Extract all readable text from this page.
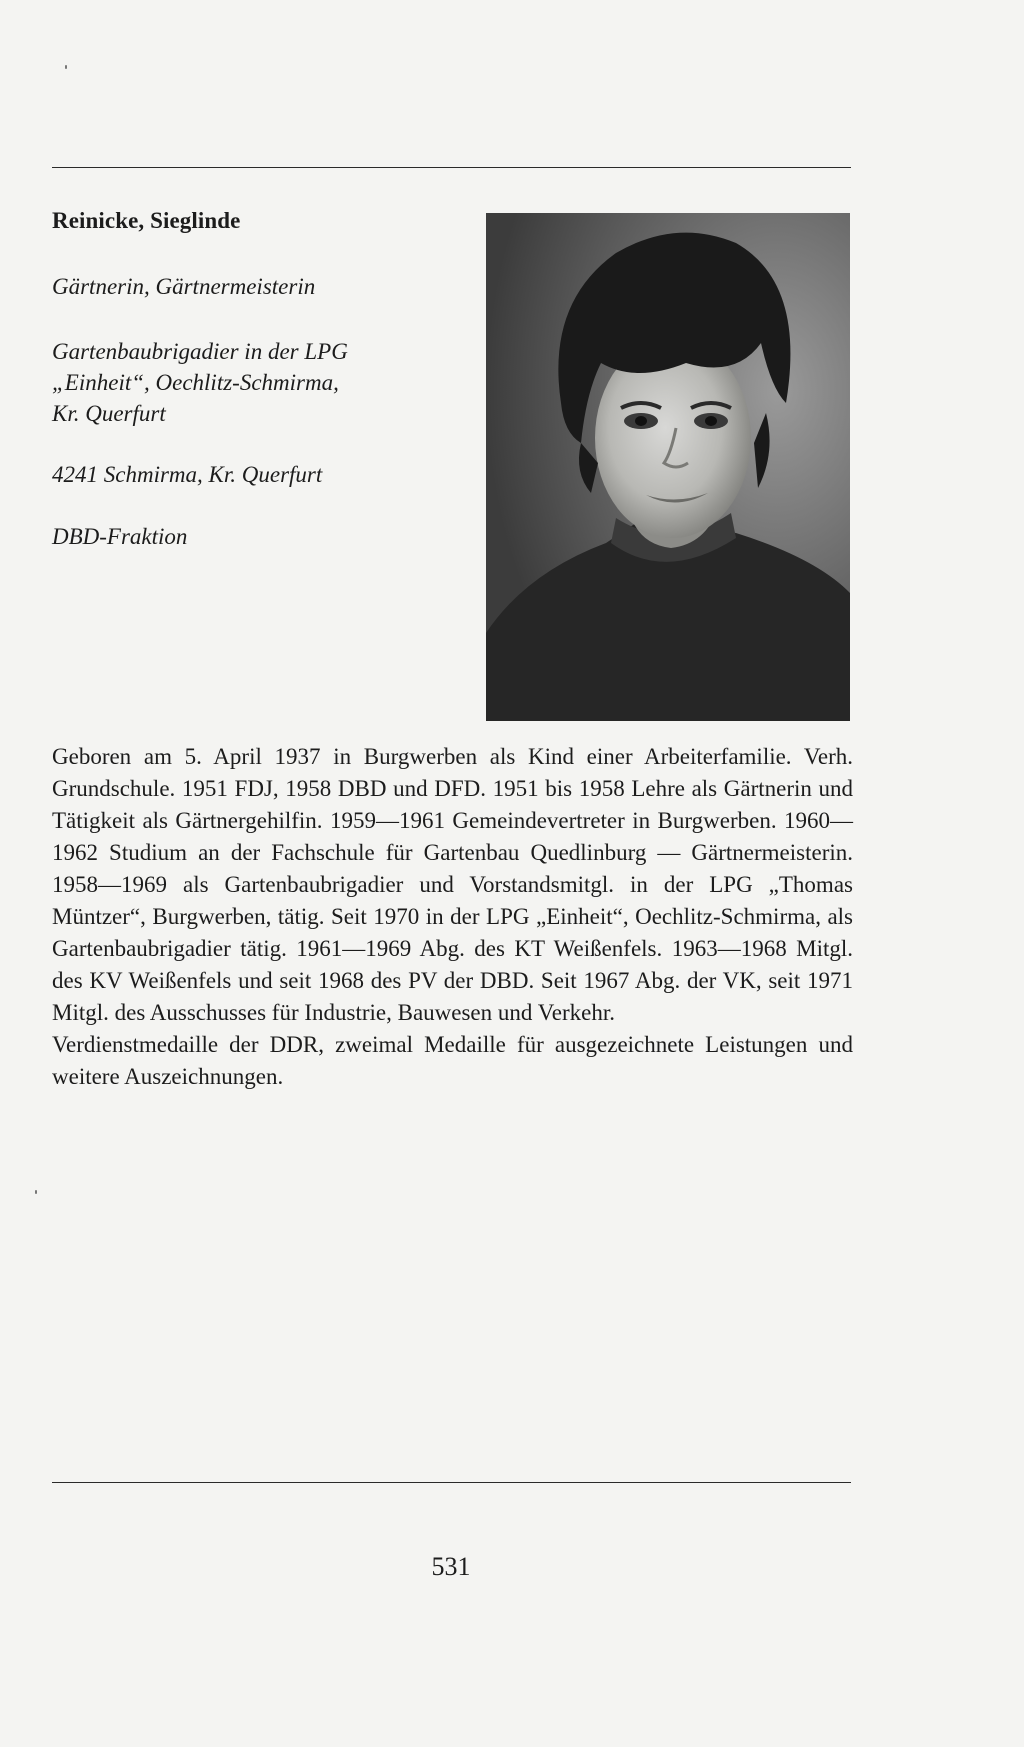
Reinicke, Sieglinde
Gärtnerin, Gärtnermeisterin
Gartenbaubrigadier in der LPG
„Einheit“, Oechlitz-Schmirma,
Kr. Querfurt
4241 Schmirma, Kr. Querfurt
DBD-Fraktion

Geboren am 5. April 1937 in Burgwerben als Kind einer Arbeiterfamilie. Verh. Grundschule. 1951 FDJ, 1958 DBD und DFD. 1951 bis 1958 Lehre als Gärtnerin und Tätigkeit als Gärtnergehilfin. 1959—1961 Gemeindevertreter in Burgwerben. 1960—1962 Studium an der Fachschule für Gartenbau Quedlinburg — Gärtnermeisterin. 1958—1969 als Gartenbaubrigadier und Vorstandsmitgl. in der LPG „Thomas Müntzer“, Burgwerben, tätig. Seit 1970 in der LPG „Einheit“, Oechlitz-Schmirma, als Gartenbaubrigadier tätig. 1961—1969 Abg. des KT Weißenfels. 1963—1968 Mitgl. des KV Weißenfels und seit 1968 des PV der DBD. Seit 1967 Abg. der VK, seit 1971 Mitgl. des Ausschusses für Industrie, Bauwesen und Verkehr.

Verdienstmedaille der DDR, zweimal Medaille für ausgezeichnete Leistungen und weitere Auszeichnungen.

531
